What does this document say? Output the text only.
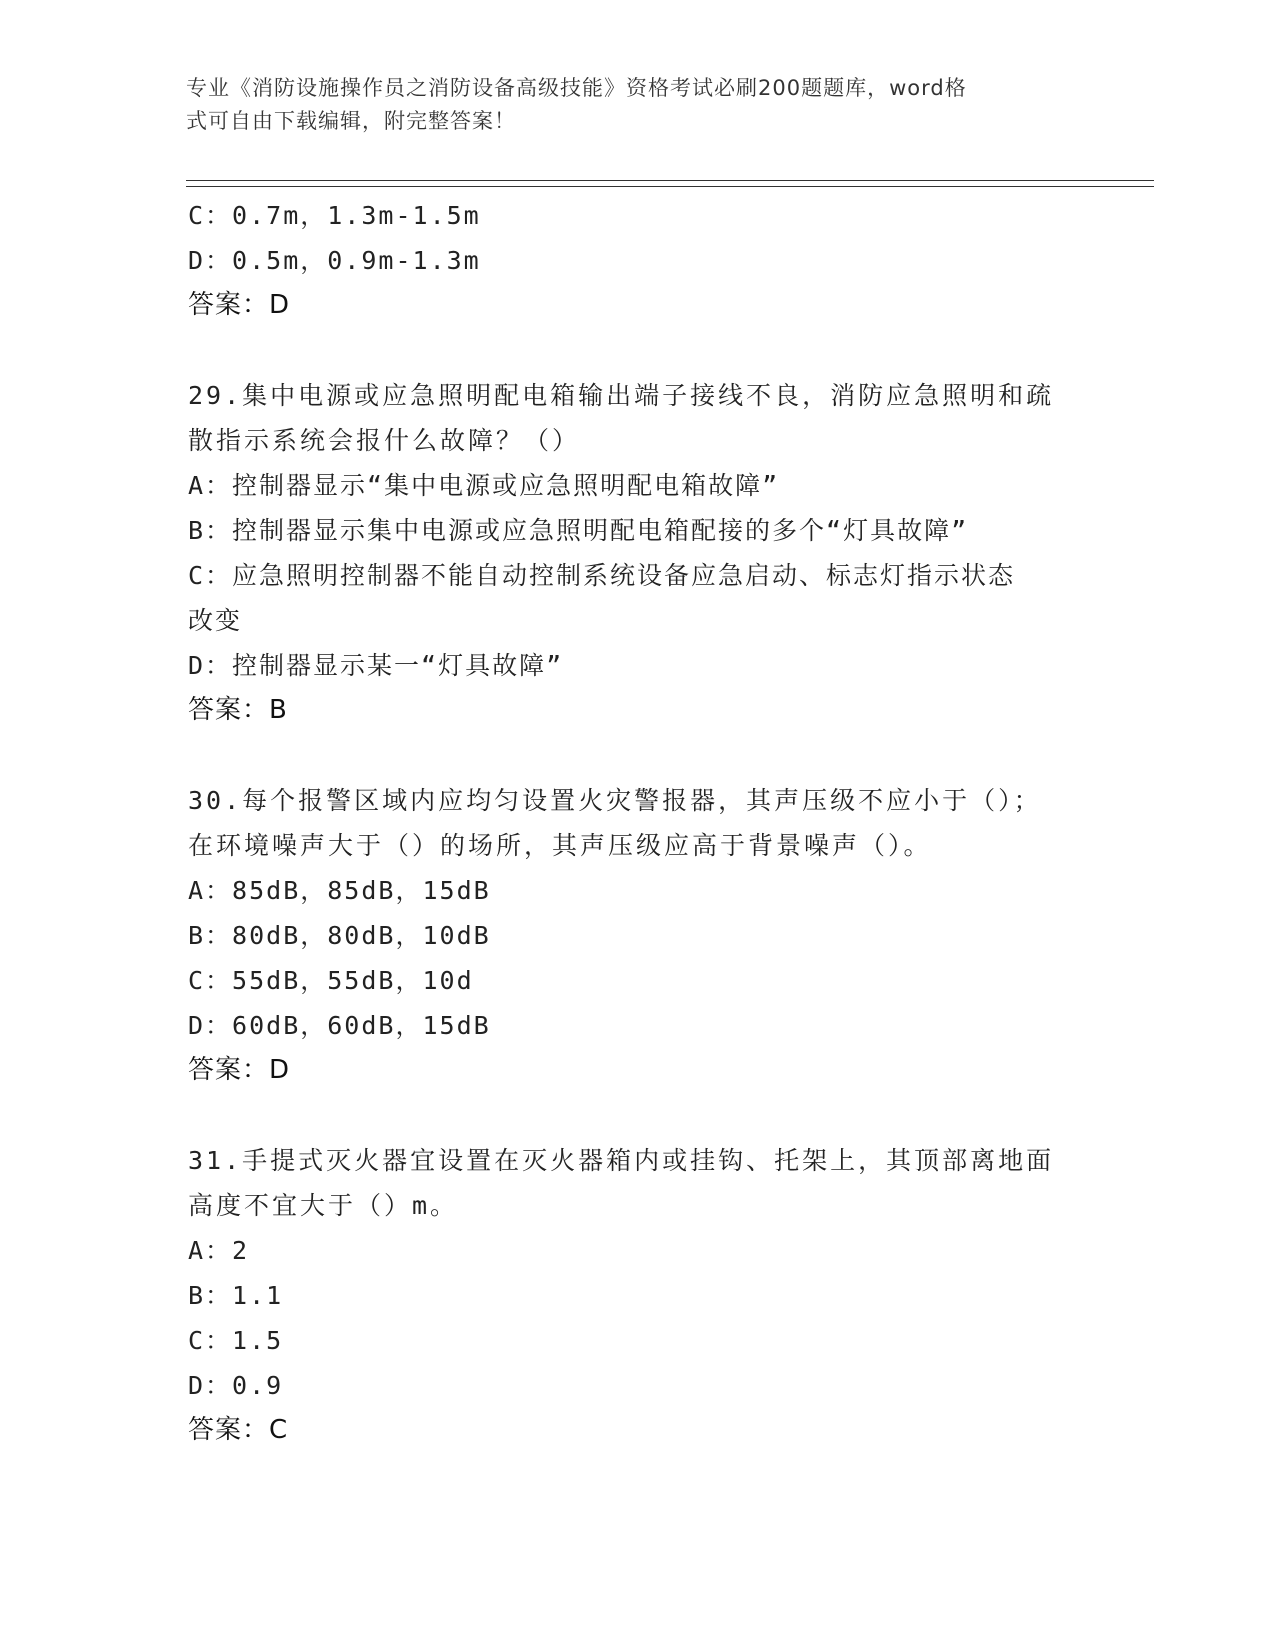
专业《消防设施操作员之消防设备高级技能》资格考试必刷200题题库，word格
式可自由下载编辑，附完整答案！
C：0.7m，1.3m-1.5m
D：0.5m，0.9m-1.3m
答案：D
29.集中电源或应急照明配电箱输出端子接线不良，消防应急照明和疏
散指示系统会报什么故障？（）
A：控制器显示“集中电源或应急照明配电箱故障”
B：控制器显示集中电源或应急照明配电箱配接的多个“灯具故障”
C：应急照明控制器不能自动控制系统设备应急启动、标志灯指示状态
改变
D：控制器显示某一“灯具故障”
答案：B
30.每个报警区域内应均匀设置火灾警报器，其声压级不应小于（）；
在环境噪声大于（）的场所，其声压级应高于背景噪声（）。
A：85dB，85dB，15dB
B：80dB，80dB，10dB
C：55dB，55dB，10d
D：60dB，60dB，15dB
答案：D
31.手提式灭火器宜设置在灭火器箱内或挂钩、托架上，其顶部离地面
高度不宜大于（）m。
A：2
B：1.1
C：1.5
D：0.9
答案：C
